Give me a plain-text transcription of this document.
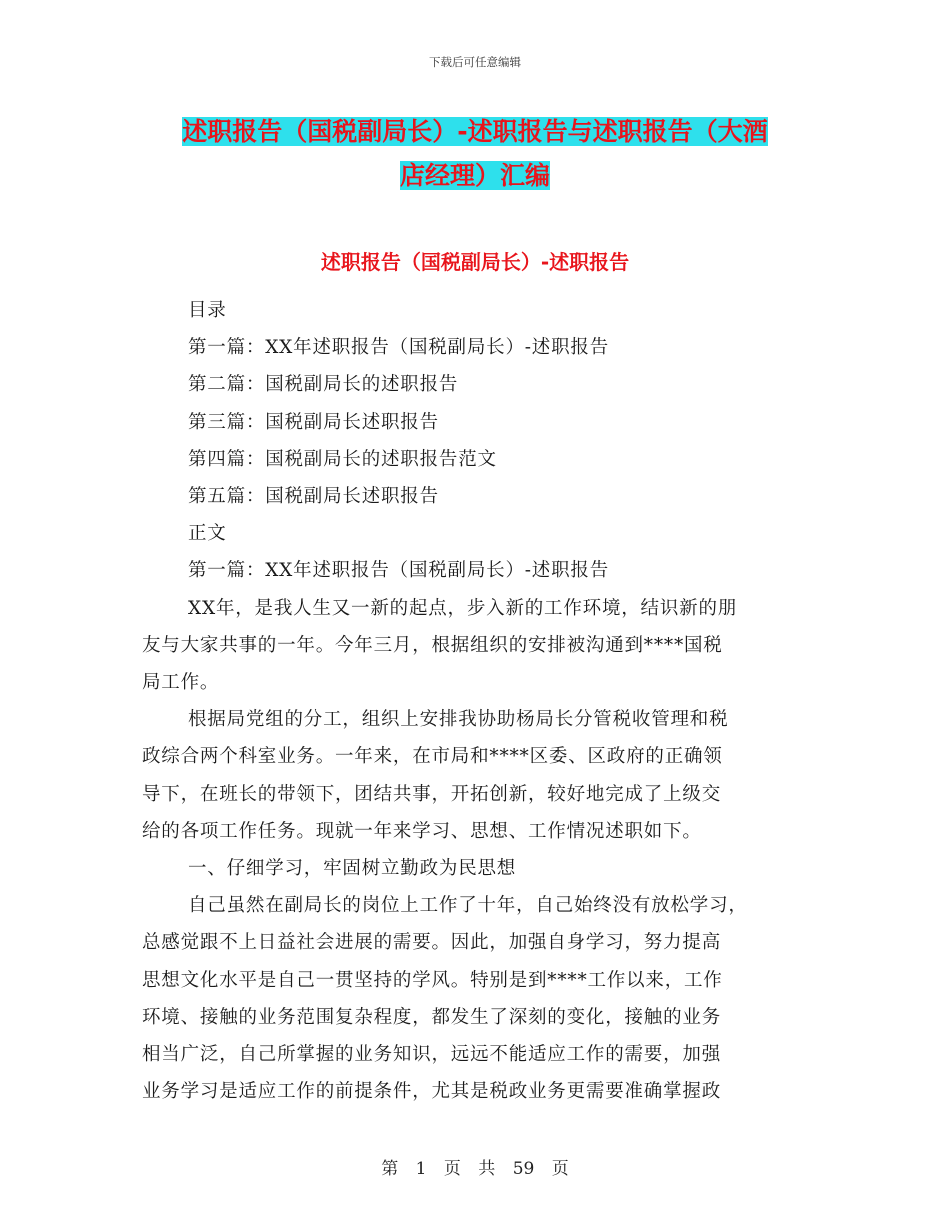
下载后可任意编辑
述职报告（国税副局长）-述职报告与述职报告（大酒
店经理）汇编
述职报告（国税副局长）-述职报告
目录
第一篇：XX年述职报告（国税副局长）-述职报告
第二篇：国税副局长的述职报告
第三篇：国税副局长述职报告
第四篇：国税副局长的述职报告范文
第五篇：国税副局长述职报告
正文
第一篇：XX年述职报告（国税副局长）-述职报告
XX年，是我人生又一新的起点，步入新的工作环境，结识新的朋
友与大家共事的一年。今年三月，根据组织的安排被沟通到****国税
局工作。
根据局党组的分工，组织上安排我协助杨局长分管税收管理和税
政综合两个科室业务。一年来，在市局和****区委、区政府的正确领
导下，在班长的带领下，团结共事，开拓创新，较好地完成了上级交
给的各项工作任务。现就一年来学习、思想、工作情况述职如下。
一、仔细学习，牢固树立勤政为民思想
自己虽然在副局长的岗位上工作了十年，自己始终没有放松学习，
总感觉跟不上日益社会进展的需要。因此，加强自身学习，努力提高
思想文化水平是自己一贯坚持的学风。特别是到****工作以来，工作
环境、接触的业务范围复杂程度，都发生了深刻的变化，接触的业务
相当广泛，自己所掌握的业务知识，远远不能适应工作的需要，加强
业务学习是适应工作的前提条件，尤其是税政业务更需要准确掌握政
第 1 页 共 59 页
